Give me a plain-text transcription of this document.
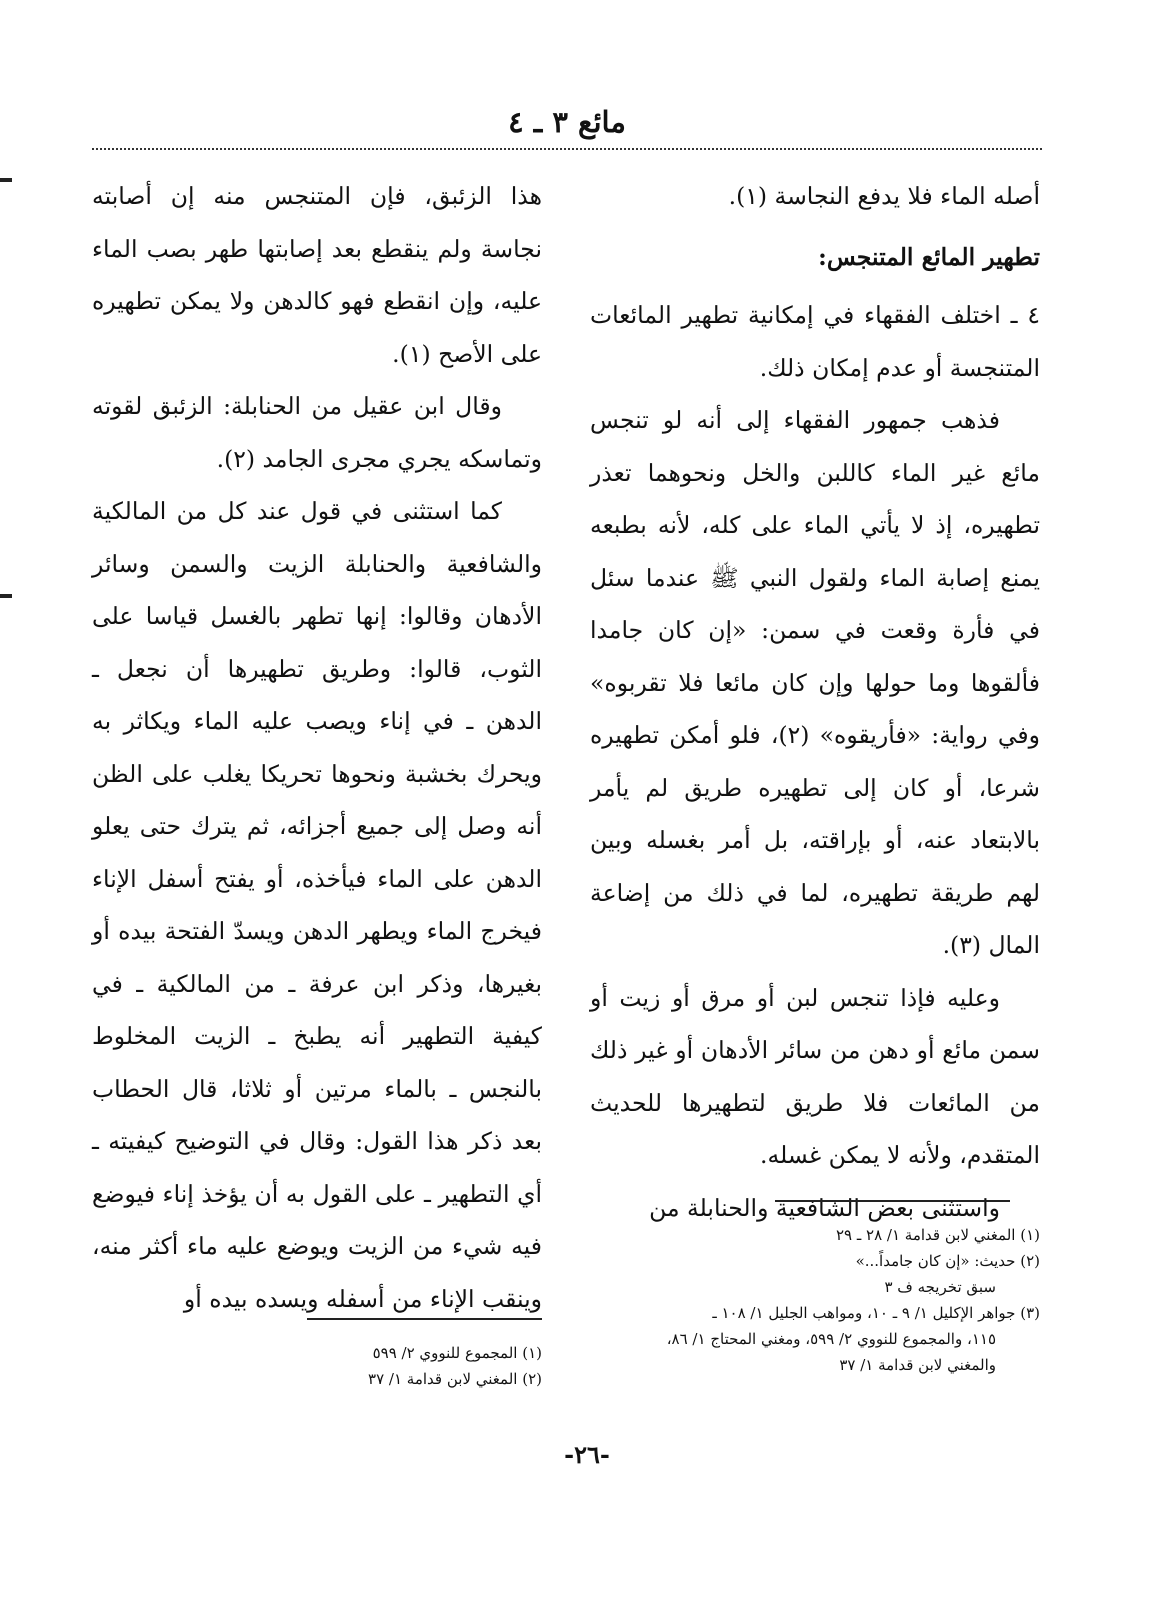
مائع ٣ ـ ٤

أصله الماء فلا يدفع النجاسة (١).

تطهير المائع المتنجس:

٤ ـ اختلف الفقهاء في إمكانية تطهير المائعات المتنجسة أو عدم إمكان ذلك.

فذهب جمهور الفقهاء إلى أنه لو تنجس مائع غير الماء كاللبن والخل ونحوهما تعذر تطهيره، إذ لا يأتي الماء على كله، لأنه بطبعه يمنع إصابة الماء ولقول النبي ﷺ عندما سئل في فأرة وقعت في سمن: «إن كان جامدا فألقوها وما حولها وإن كان مائعا فلا تقربوه» وفي رواية: «فأريقوه» (٢)، فلو أمكن تطهيره شرعا، أو كان إلى تطهيره طريق لم يأمر بالابتعاد عنه، أو بإراقته، بل أمر بغسله وبين لهم طريقة تطهيره، لما في ذلك من إضاعة المال (٣).

وعليه فإذا تنجس لبن أو مرق أو زيت أو سمن مائع أو دهن من سائر الأدهان أو غير ذلك من المائعات فلا طريق لتطهيرها للحديث المتقدم، ولأنه لا يمكن غسله.

واستثنى بعض الشافعية والحنابلة من

(١) المغني لابن قدامة ١/ ٢٨ ـ ٢٩

(٢) حديث: «إن كان جامداً...»

سبق تخريجه ف ٣

(٣) جواهر الإكليل ١/ ٩ ـ ١٠، ومواهب الجليل ١/ ١٠٨ ـ

١١٥، والمجموع للنووي ٢/ ٥٩٩، ومغني المحتاج ١/ ٨٦،

والمغني لابن قدامة ١/ ٣٧

هذا الزئبق، فإن المتنجس منه إن أصابته نجاسة ولم ينقطع بعد إصابتها طهر بصب الماء عليه، وإن انقطع فهو كالدهن ولا يمكن تطهيره على الأصح (١).

وقال ابن عقيل من الحنابلة: الزئبق لقوته وتماسكه يجري مجرى الجامد (٢).

كما استثنى في قول عند كل من المالكية والشافعية والحنابلة الزيت والسمن وسائر الأدهان وقالوا: إنها تطهر بالغسل قياسا على الثوب، قالوا: وطريق تطهيرها أن نجعل ـ الدهن ـ في إناء ويصب عليه الماء ويكاثر به ويحرك بخشبة ونحوها تحريكا يغلب على الظن أنه وصل إلى جميع أجزائه، ثم يترك حتى يعلو الدهن على الماء فيأخذه، أو يفتح أسفل الإناء فيخرج الماء ويطهر الدهن ويسدّ الفتحة بيده أو بغيرها، وذكر ابن عرفة ـ من المالكية ـ في كيفية التطهير أنه يطبخ ـ الزيت المخلوط بالنجس ـ بالماء مرتين أو ثلاثا، قال الحطاب بعد ذكر هذا القول: وقال في التوضيح كيفيته ـ أي التطهير ـ على القول به أن يؤخذ إناء فيوضع فيه شيء من الزيت ويوضع عليه ماء أكثر منه، وينقب الإناء من أسفله ويسده بيده أو

(١) المجموع للنووي ٢/ ٥٩٩

(٢) المغني لابن قدامة ١/ ٣٧

-٢٦-
